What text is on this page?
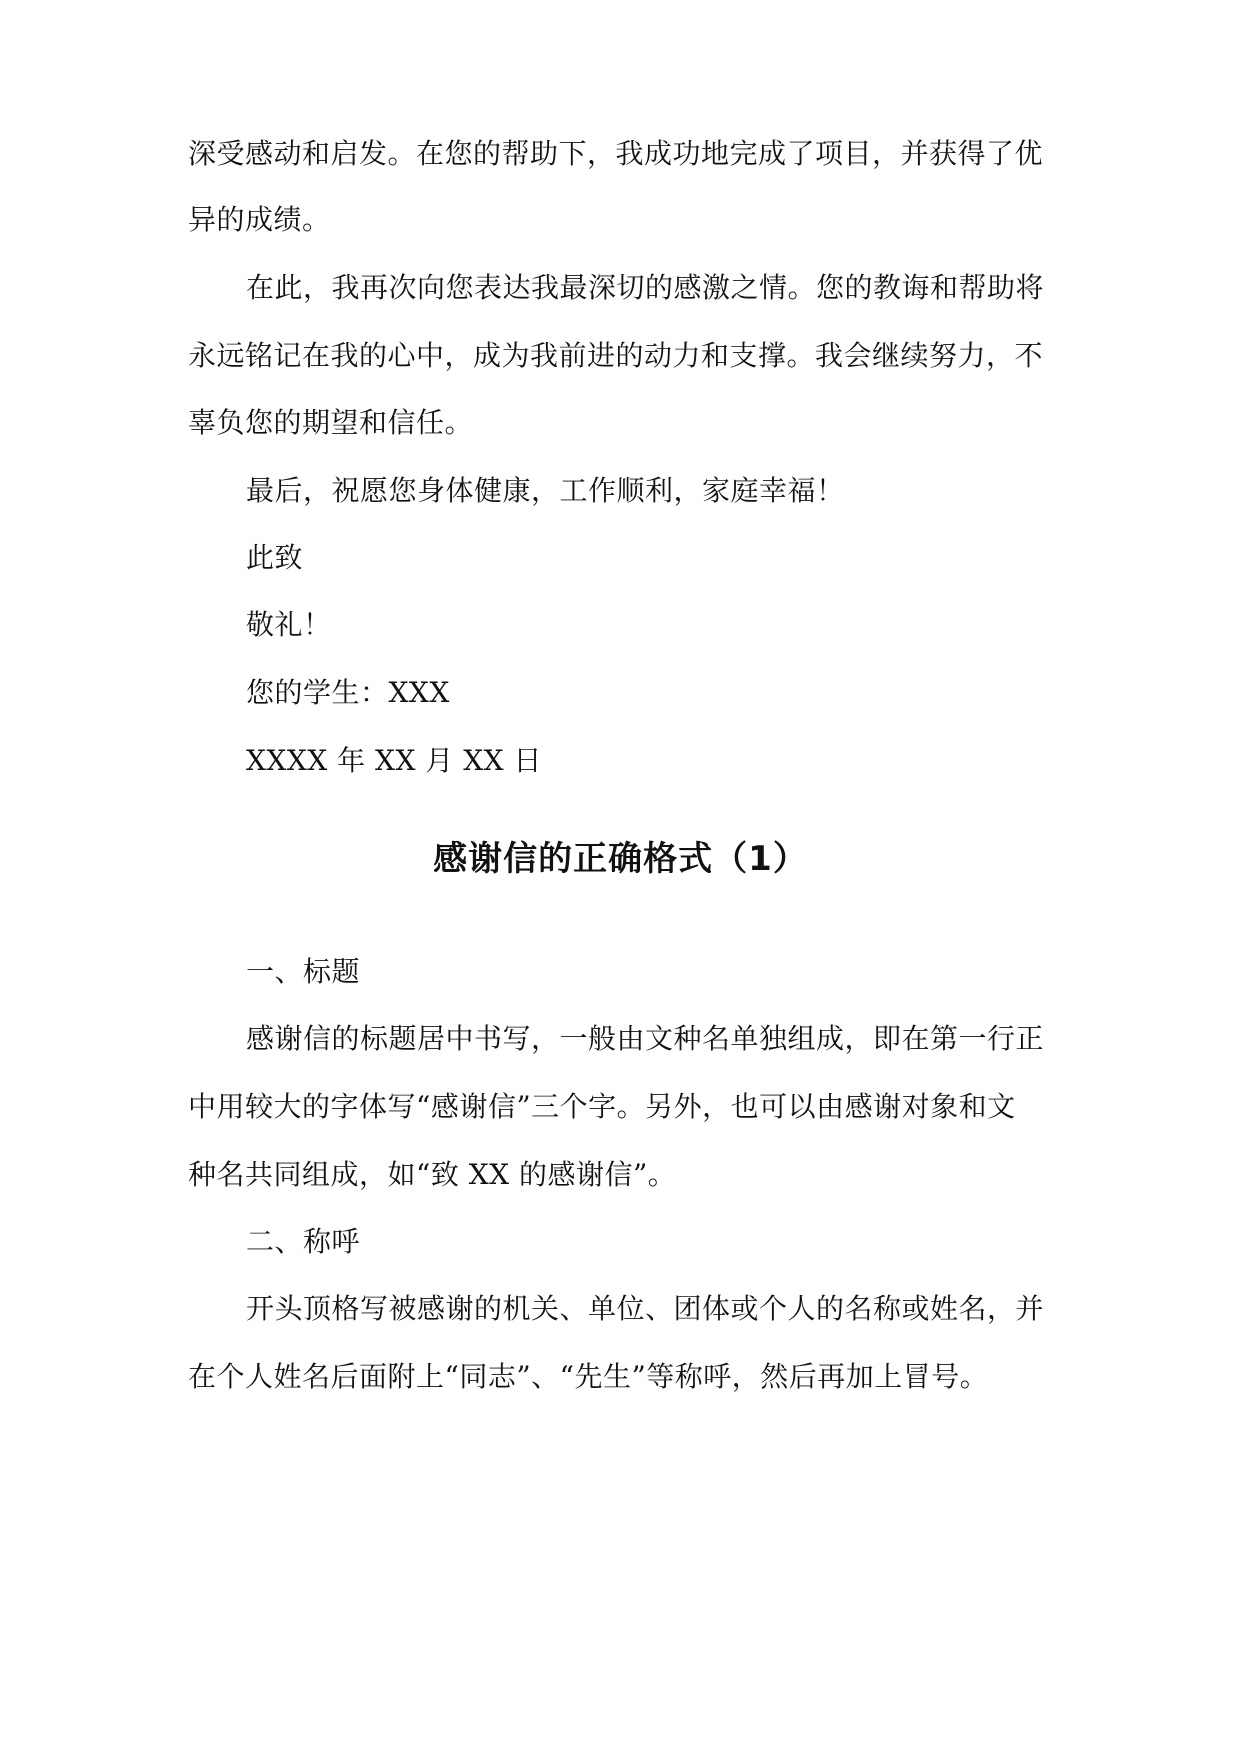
深受感动和启发。在您的帮助下，我成功地完成了项目，并获得了优
异的成绩。
在此，我再次向您表达我最深切的感激之情。您的教诲和帮助将
永远铭记在我的心中，成为我前进的动力和支撑。我会继续努力，不
辜负您的期望和信任。
最后，祝愿您身体健康，工作顺利，家庭幸福！
此致
敬礼！
您的学生：XXX
XXXX 年 XX 月 XX 日
感谢信的正确格式（1）
一、标题
感谢信的标题居中书写，一般由文种名单独组成，即在第一行正
中用较大的字体写“感谢信”三个字。另外，也可以由感谢对象和文
种名共同组成，如“致 XX 的感谢信”。
二、称呼
开头顶格写被感谢的机关、单位、团体或个人的名称或姓名，并
在个人姓名后面附上“同志”、“先生”等称呼，然后再加上冒号。
